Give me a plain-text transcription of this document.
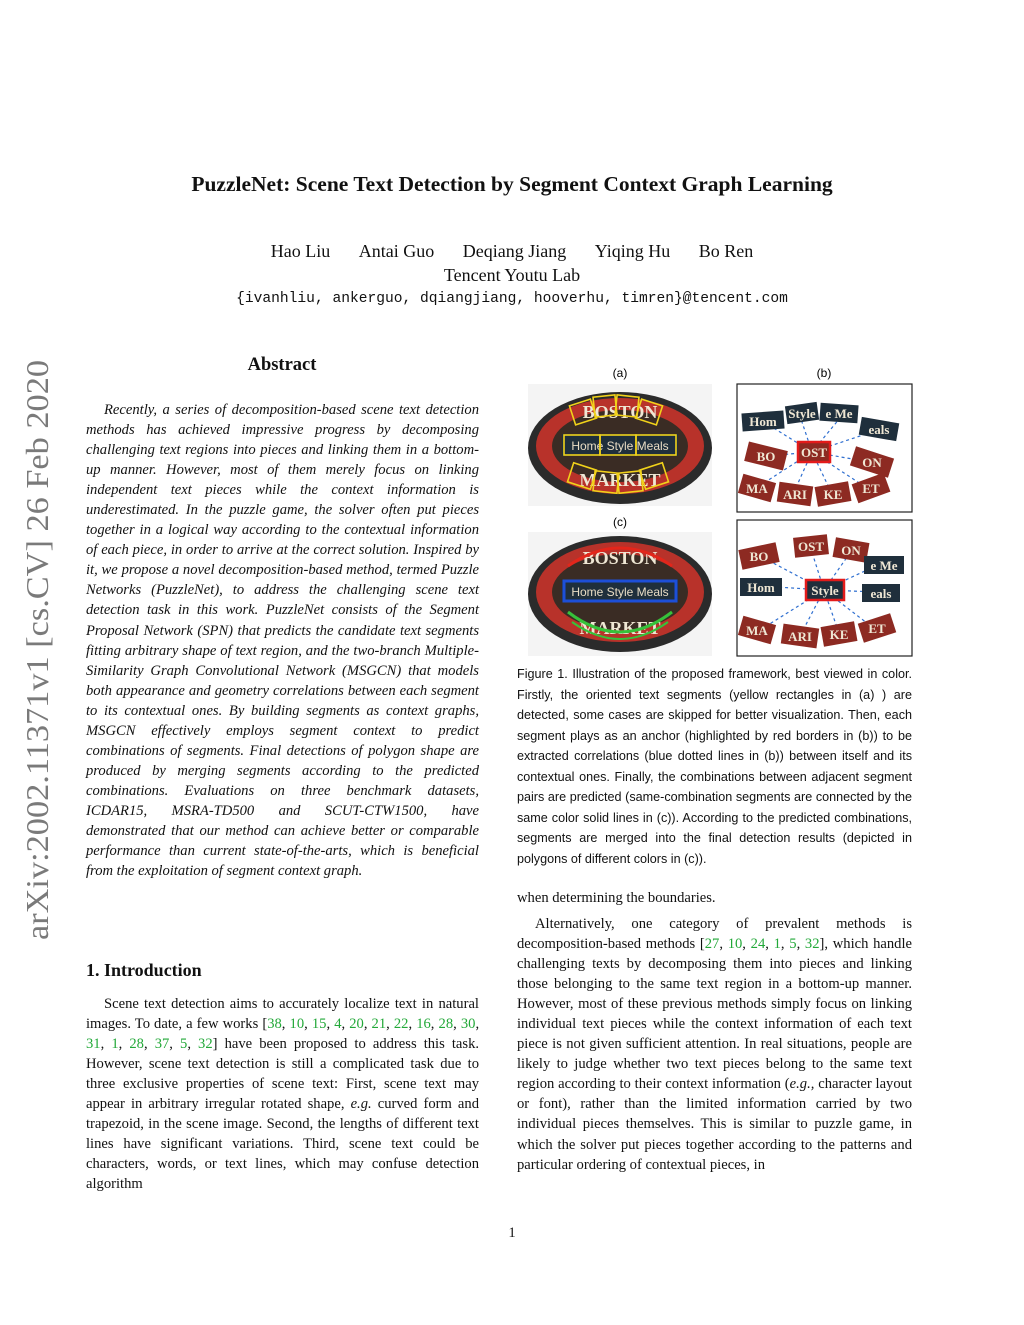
PuzzleNet: Scene Text Detection by Segment Context Graph Learning
Hao Liu Antai Guo Deqiang Jiang Yiqing Hu Bo Ren
Tencent Youtu Lab
{ivanhliu, ankerguo, dqiangjiang, hooverhu, timren}@tencent.com
arXiv:2002.11371v1 [cs.CV] 26 Feb 2020
Abstract
Recently, a series of decomposition-based scene text detection methods has achieved impressive progress by decomposing challenging text regions into pieces and linking them in a bottom-up manner. However, most of them merely focus on linking independent text pieces while the context information is underestimated. In the puzzle game, the solver often put pieces together in a logical way according to the contextual information of each piece, in order to arrive at the correct solution. Inspired by it, we propose a novel decomposition-based method, termed Puzzle Networks (PuzzleNet), to address the challenging scene text detection task in this work. PuzzleNet consists of the Segment Proposal Network (SPN) that predicts the candidate text segments fitting arbitrary shape of text region, and the two-branch Multiple-Similarity Graph Convolutional Network (MSGCN) that models both appearance and geometry correlations between each segment to its contextual ones. By building segments as context graphs, MSGCN effectively employs segment context to predict combinations of segments. Final detections of polygon shape are produced by merging segments according to the predicted combinations. Evaluations on three benchmark datasets, ICDAR15, MSRA-TD500 and SCUT-CTW1500, have demonstrated that our method can achieve better or comparable performance than current state-of-the-arts, which is beneficial from the exploitation of segment context graph.
1. Introduction
Scene text detection aims to accurately localize text in natural images. To date, a few works [38, 10, 15, 4, 20, 21, 22, 16, 28, 30, 31, 1, 28, 37, 5, 32] have been proposed to address this task. However, scene text detection is still a complicated task due to three exclusive properties of scene text: First, scene text may appear in arbitrary irregular rotated shape, e.g. curved form and trapezoid, in the scene image. Second, the lengths of different text lines have significant variations. Third, scene text could be characters, words, or text lines, which may confuse detection algorithm
(a)	(b)
(c)
BOSTON
Home Style Meals
MARKET
Hom
Style e Me
eals
BO OST
ON
MA ARI KE ET
BOSTON
Home Style Meals
MARKET
BO
OST ON
e Me
Hom	Style eals
MA ARI KE ET
Figure 1. Illustration of the proposed framework, best viewed in color. Firstly, the oriented text segments (yellow rectangles in (a) ) are detected, some cases are skipped for better visualization. Then, each segment plays as an anchor (highlighted by red borders in (b)) to be extracted correlations (blue dotted lines in (b)) between itself and its contextual ones. Finally, the combinations between adjacent segment pairs are predicted (same-combination segments are connected by the same color solid lines in (c)). According to the predicted combinations, segments are merged into the final detection results (depicted in polygons of different colors in (c)).
when determining the boundaries.
Alternatively, one category of prevalent methods is decomposition-based methods [27, 10, 24, 1, 5, 32], which handle challenging texts by decomposing them into pieces and linking those belonging to the same text region in a bottom-up manner. However, most of these previous methods simply focus on linking individual text pieces while the context information of each text piece is not given sufficient attention. In real situations, people are likely to judge whether two text pieces belong to the same text region according to their context information (e.g., character layout or font), rather than the limited information carried by two individual pieces themselves. This is similar to puzzle game, in which the solver put pieces together according to the patterns and particular ordering of contextual pieces, in
1
